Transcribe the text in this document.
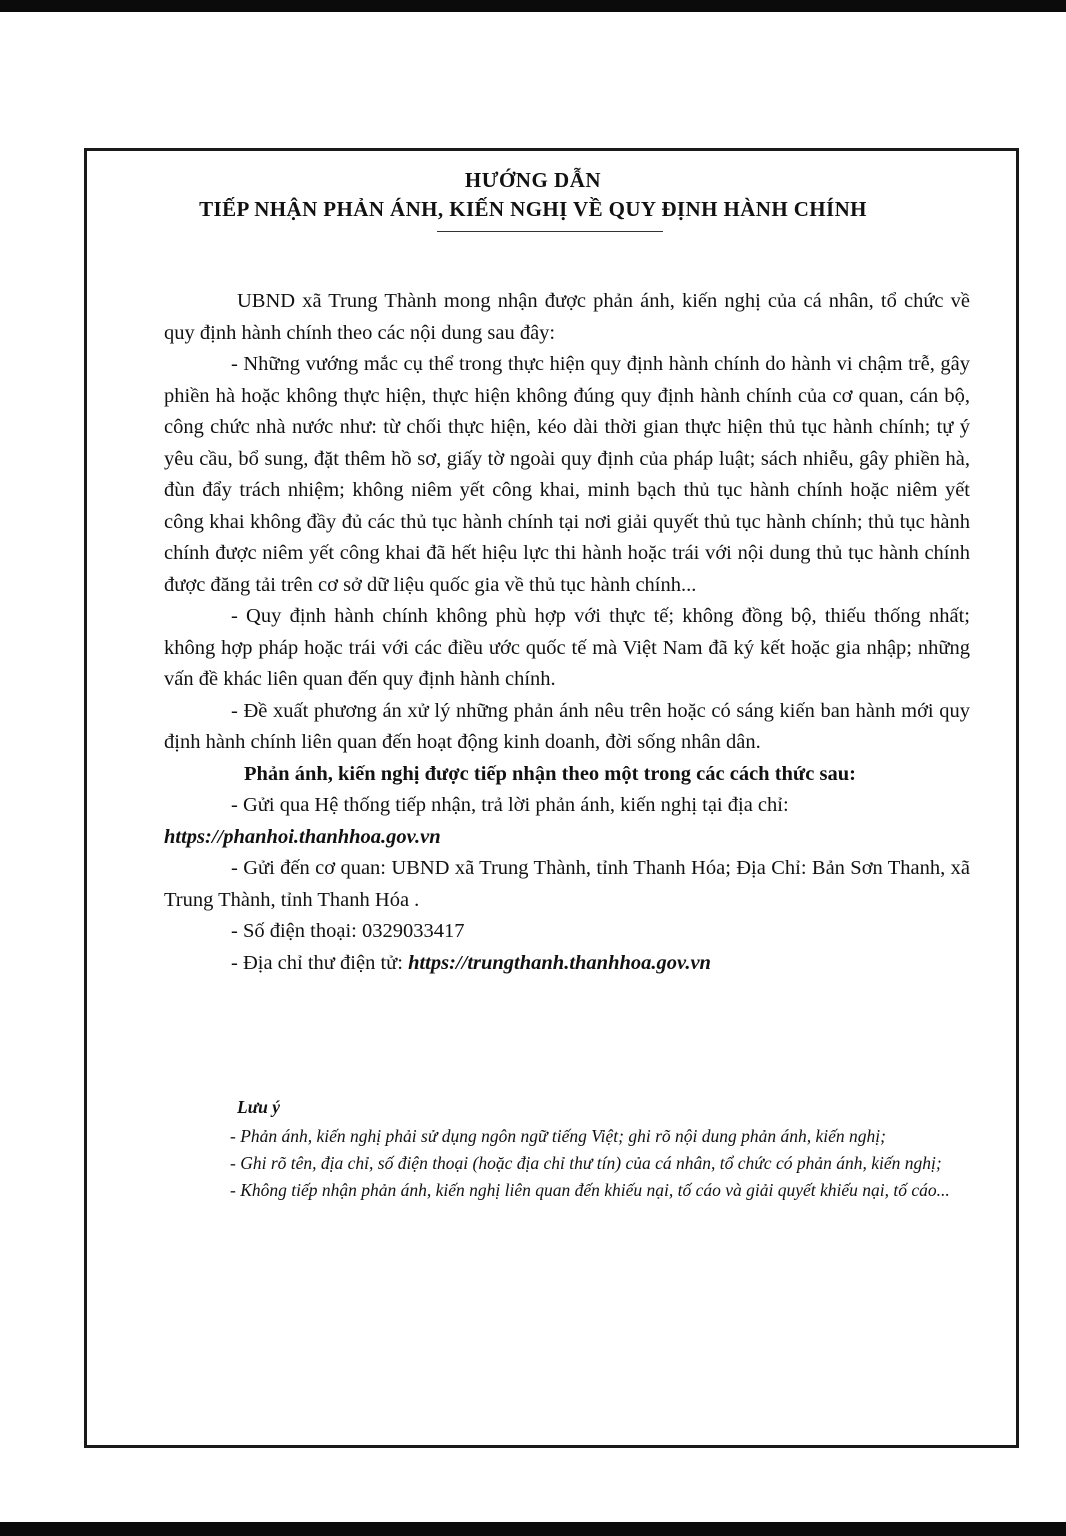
HƯỚNG DẪN
TIẾP NHẬN PHẢN ÁNH, KIẾN NGHỊ VỀ QUY ĐỊNH HÀNH CHÍNH

UBND xã Trung Thành mong nhận được phản ánh, kiến nghị của cá nhân, tổ chức về quy định hành chính theo các nội dung sau đây:

- Những vướng mắc cụ thể trong thực hiện quy định hành chính do hành vi chậm trễ, gây phiền hà hoặc không thực hiện, thực hiện không đúng quy định hành chính của cơ quan, cán bộ, công chức nhà nước như: từ chối thực hiện, kéo dài thời gian thực hiện thủ tục hành chính; tự ý yêu cầu, bổ sung, đặt thêm hồ sơ, giấy tờ ngoài quy định của pháp luật; sách nhiễu, gây phiền hà, đùn đẩy trách nhiệm; không niêm yết công khai, minh bạch thủ tục hành chính hoặc niêm yết công khai không đầy đủ các thủ tục hành chính tại nơi giải quyết thủ tục hành chính; thủ tục hành chính được niêm yết công khai đã hết hiệu lực thi hành hoặc trái với nội dung thủ tục hành chính được đăng tải trên cơ sở dữ liệu quốc gia về thủ tục hành chính...

- Quy định hành chính không phù hợp với thực tế; không đồng bộ, thiếu thống nhất; không hợp pháp hoặc trái với các điều ước quốc tế mà Việt Nam đã ký kết hoặc gia nhập; những vấn đề khác liên quan đến quy định hành chính.

- Đề xuất phương án xử lý những phản ánh nêu trên hoặc có sáng kiến ban hành mới quy định hành chính liên quan đến hoạt động kinh doanh, đời sống nhân dân.

Phản ánh, kiến nghị được tiếp nhận theo một trong các cách thức sau:

- Gửi qua Hệ thống tiếp nhận, trả lời phản ánh, kiến nghị tại địa chỉ:

https://phanhoi.thanhhoa.gov.vn

- Gửi đến cơ quan: UBND xã Trung Thành, tỉnh Thanh Hóa; Địa Chỉ: Bản Sơn Thanh, xã Trung Thành, tỉnh Thanh Hóa .

- Số điện thoại: 0329033417

- Địa chỉ thư điện tử: https://trungthanh.thanhhoa.gov.vn

Lưu ý

- Phản ánh, kiến nghị phải sử dụng ngôn ngữ tiếng Việt; ghi rõ nội dung phản ánh, kiến nghị;

- Ghi rõ tên, địa chỉ, số điện thoại (hoặc địa chỉ thư tín) của cá nhân, tổ chức có phản ánh, kiến nghị;

- Không tiếp nhận phản ánh, kiến nghị liên quan đến khiếu nại, tố cáo và giải quyết khiếu nại, tố cáo...
